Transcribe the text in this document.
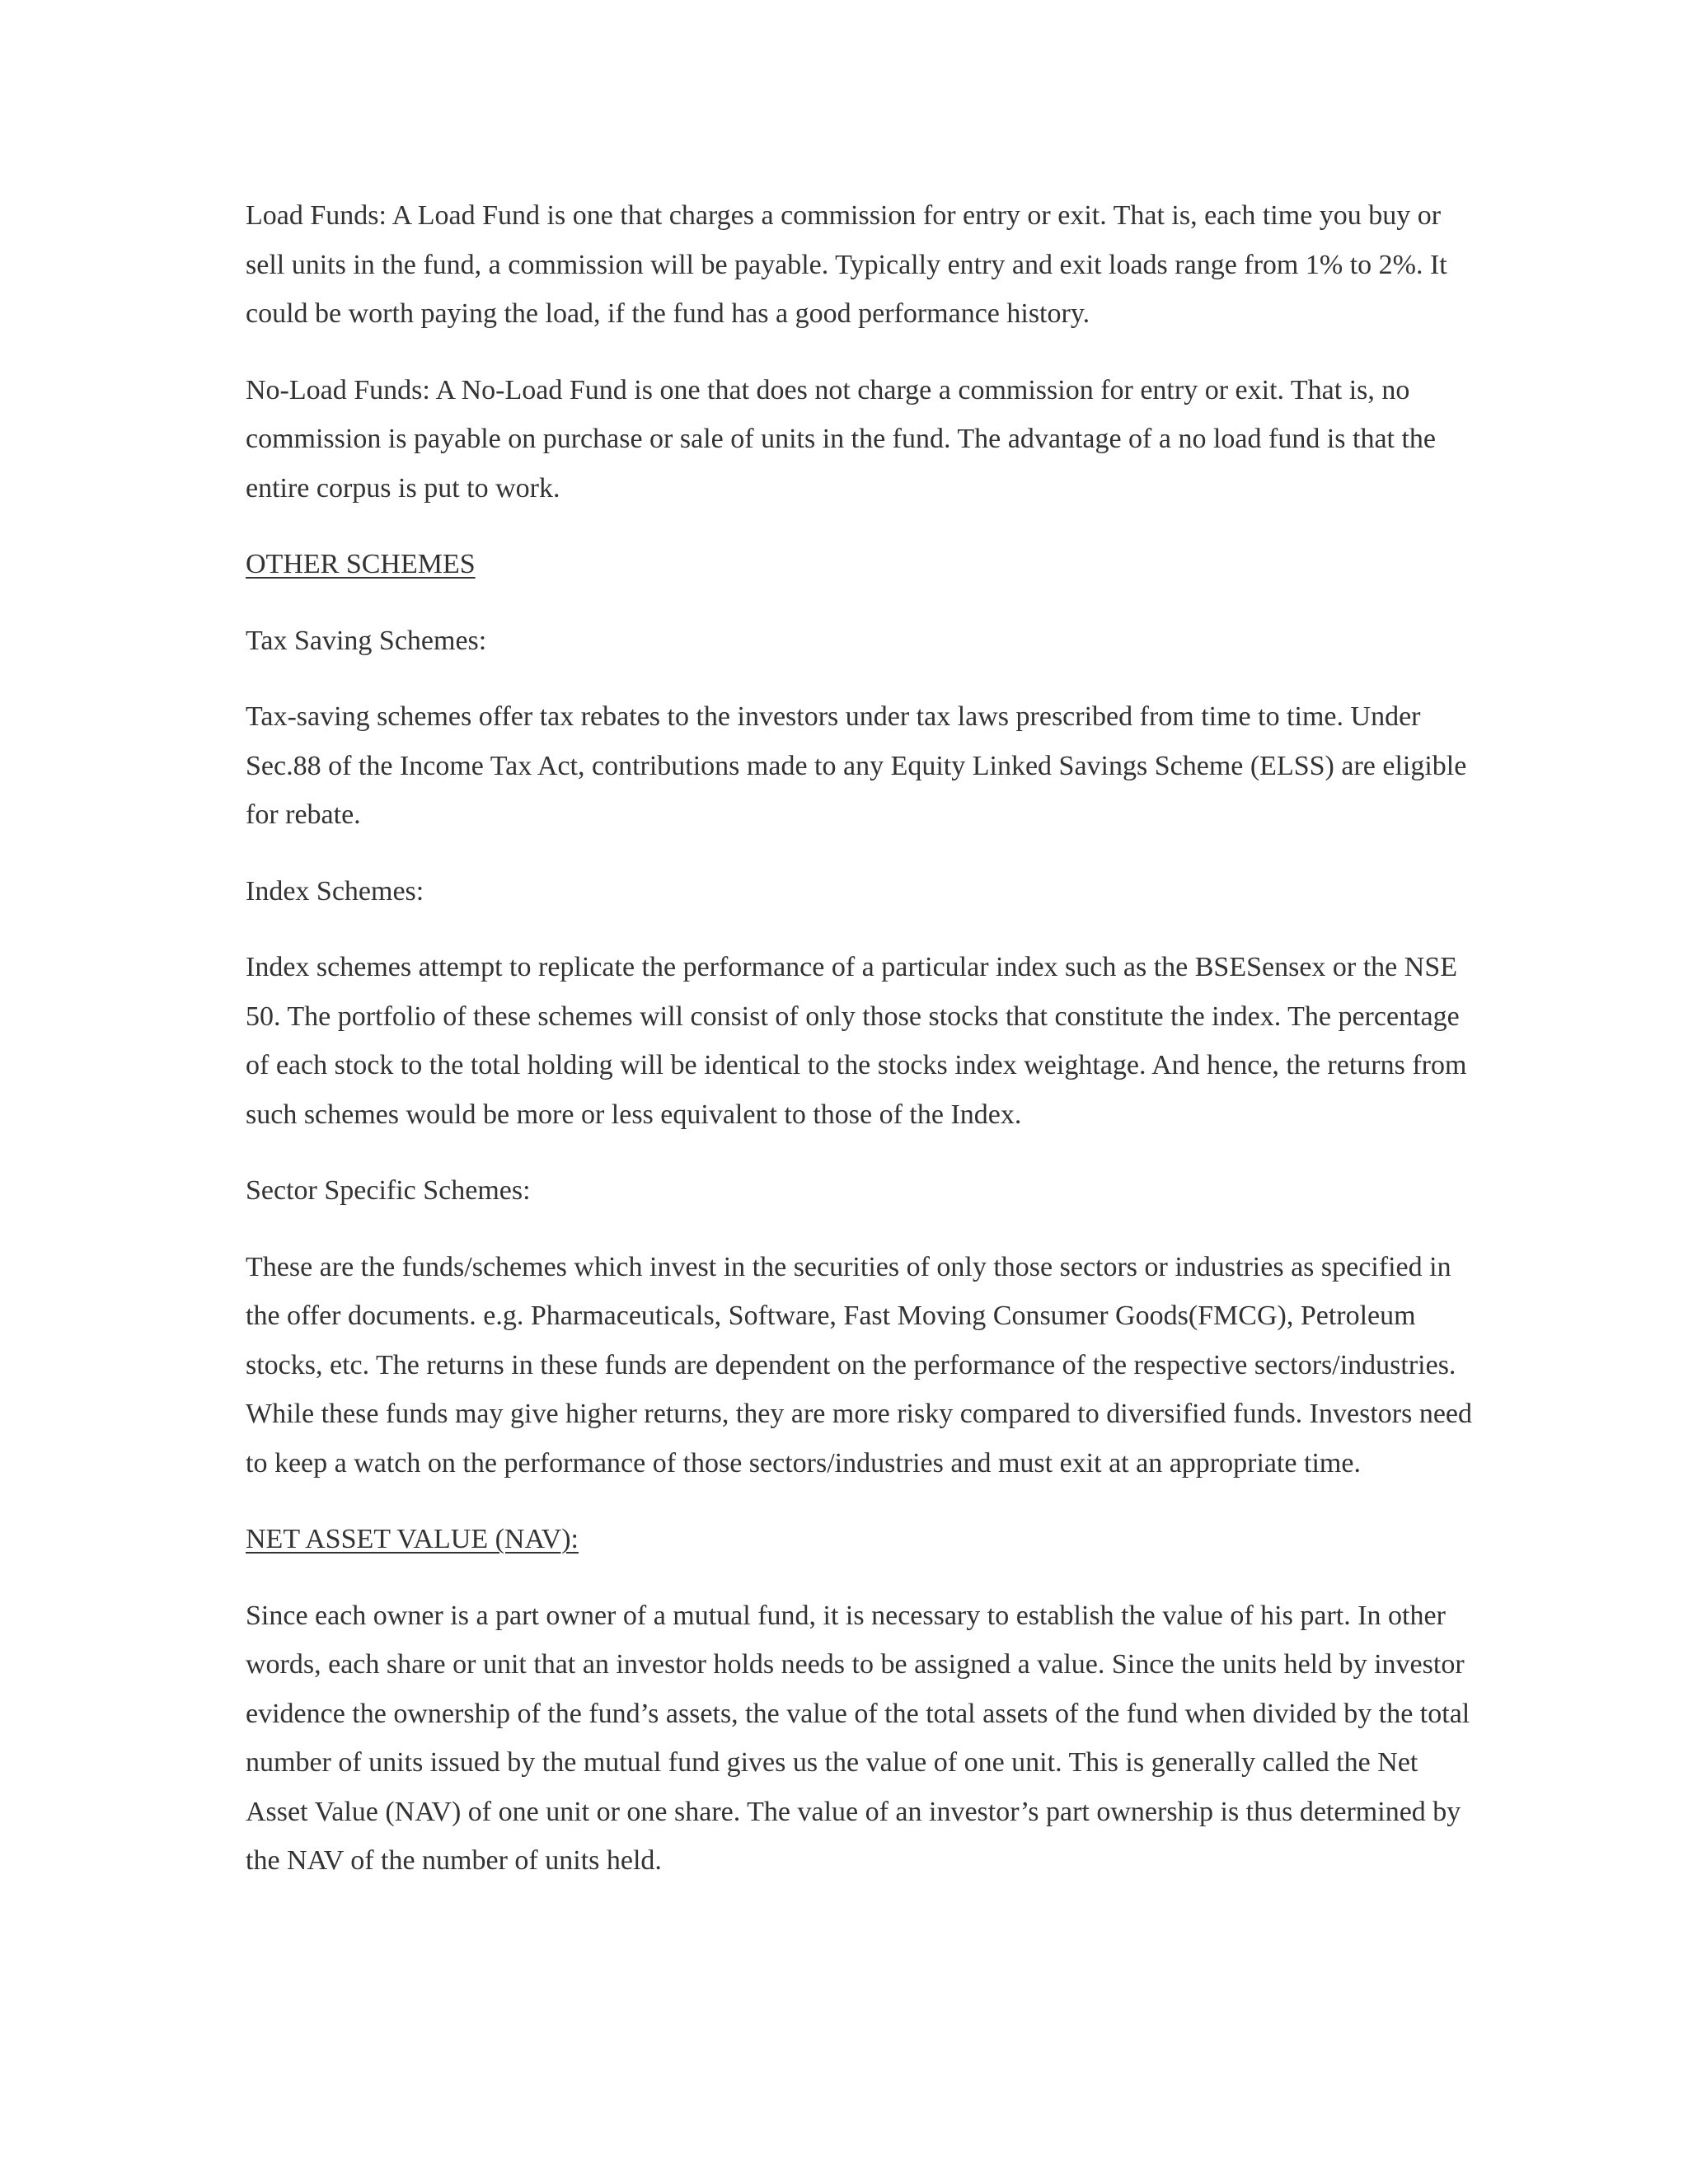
Load Funds: A Load Fund is one that charges a commission for entry or exit. That is, each time you buy or sell units in the fund, a commission will be payable. Typically entry and exit loads range from 1% to 2%. It could be worth paying the load, if the fund has a good performance history.

No-Load Funds: A No-Load Fund is one that does not charge a commission for entry or exit. That is, no commission is payable on purchase or sale of units in the fund. The advantage of a no load fund is that the entire corpus is put to work.

OTHER SCHEMES

Tax Saving Schemes:

Tax-saving schemes offer tax rebates to the investors under tax laws prescribed from time to time. Under Sec.88 of the Income Tax Act, contributions made to any Equity Linked Savings Scheme (ELSS) are eligible for rebate.

Index Schemes:

Index schemes attempt to replicate the performance of a particular index such as the BSESensex or the NSE 50. The portfolio of these schemes will consist of only those stocks that constitute the index. The percentage of each stock to the total holding will be identical to the stocks index weightage. And hence, the returns from such schemes would be more or less equivalent to those of the Index.

Sector Specific Schemes:

These are the funds/schemes which invest in the securities of only those sectors or industries as specified in the offer documents. e.g. Pharmaceuticals, Software, Fast Moving Consumer Goods(FMCG), Petroleum stocks, etc. The returns in these funds are dependent on the performance of the respective sectors/industries. While these funds may give higher returns, they are more risky compared to diversified funds. Investors need to keep a watch on the performance of those sectors/industries and must exit at an appropriate time.

NET ASSET VALUE (NAV):

Since each owner is a part owner of a mutual fund, it is necessary to establish the value of his part. In other words, each share or unit that an investor holds needs to be assigned a value. Since the units held by investor evidence the ownership of the fund’s assets, the value of the total assets of the fund when divided by the total number of units issued by the mutual fund gives us the value of one unit. This is generally called the Net Asset Value (NAV) of one unit or one share. The value of an investor’s part ownership is thus determined by the NAV of the number of units held.
